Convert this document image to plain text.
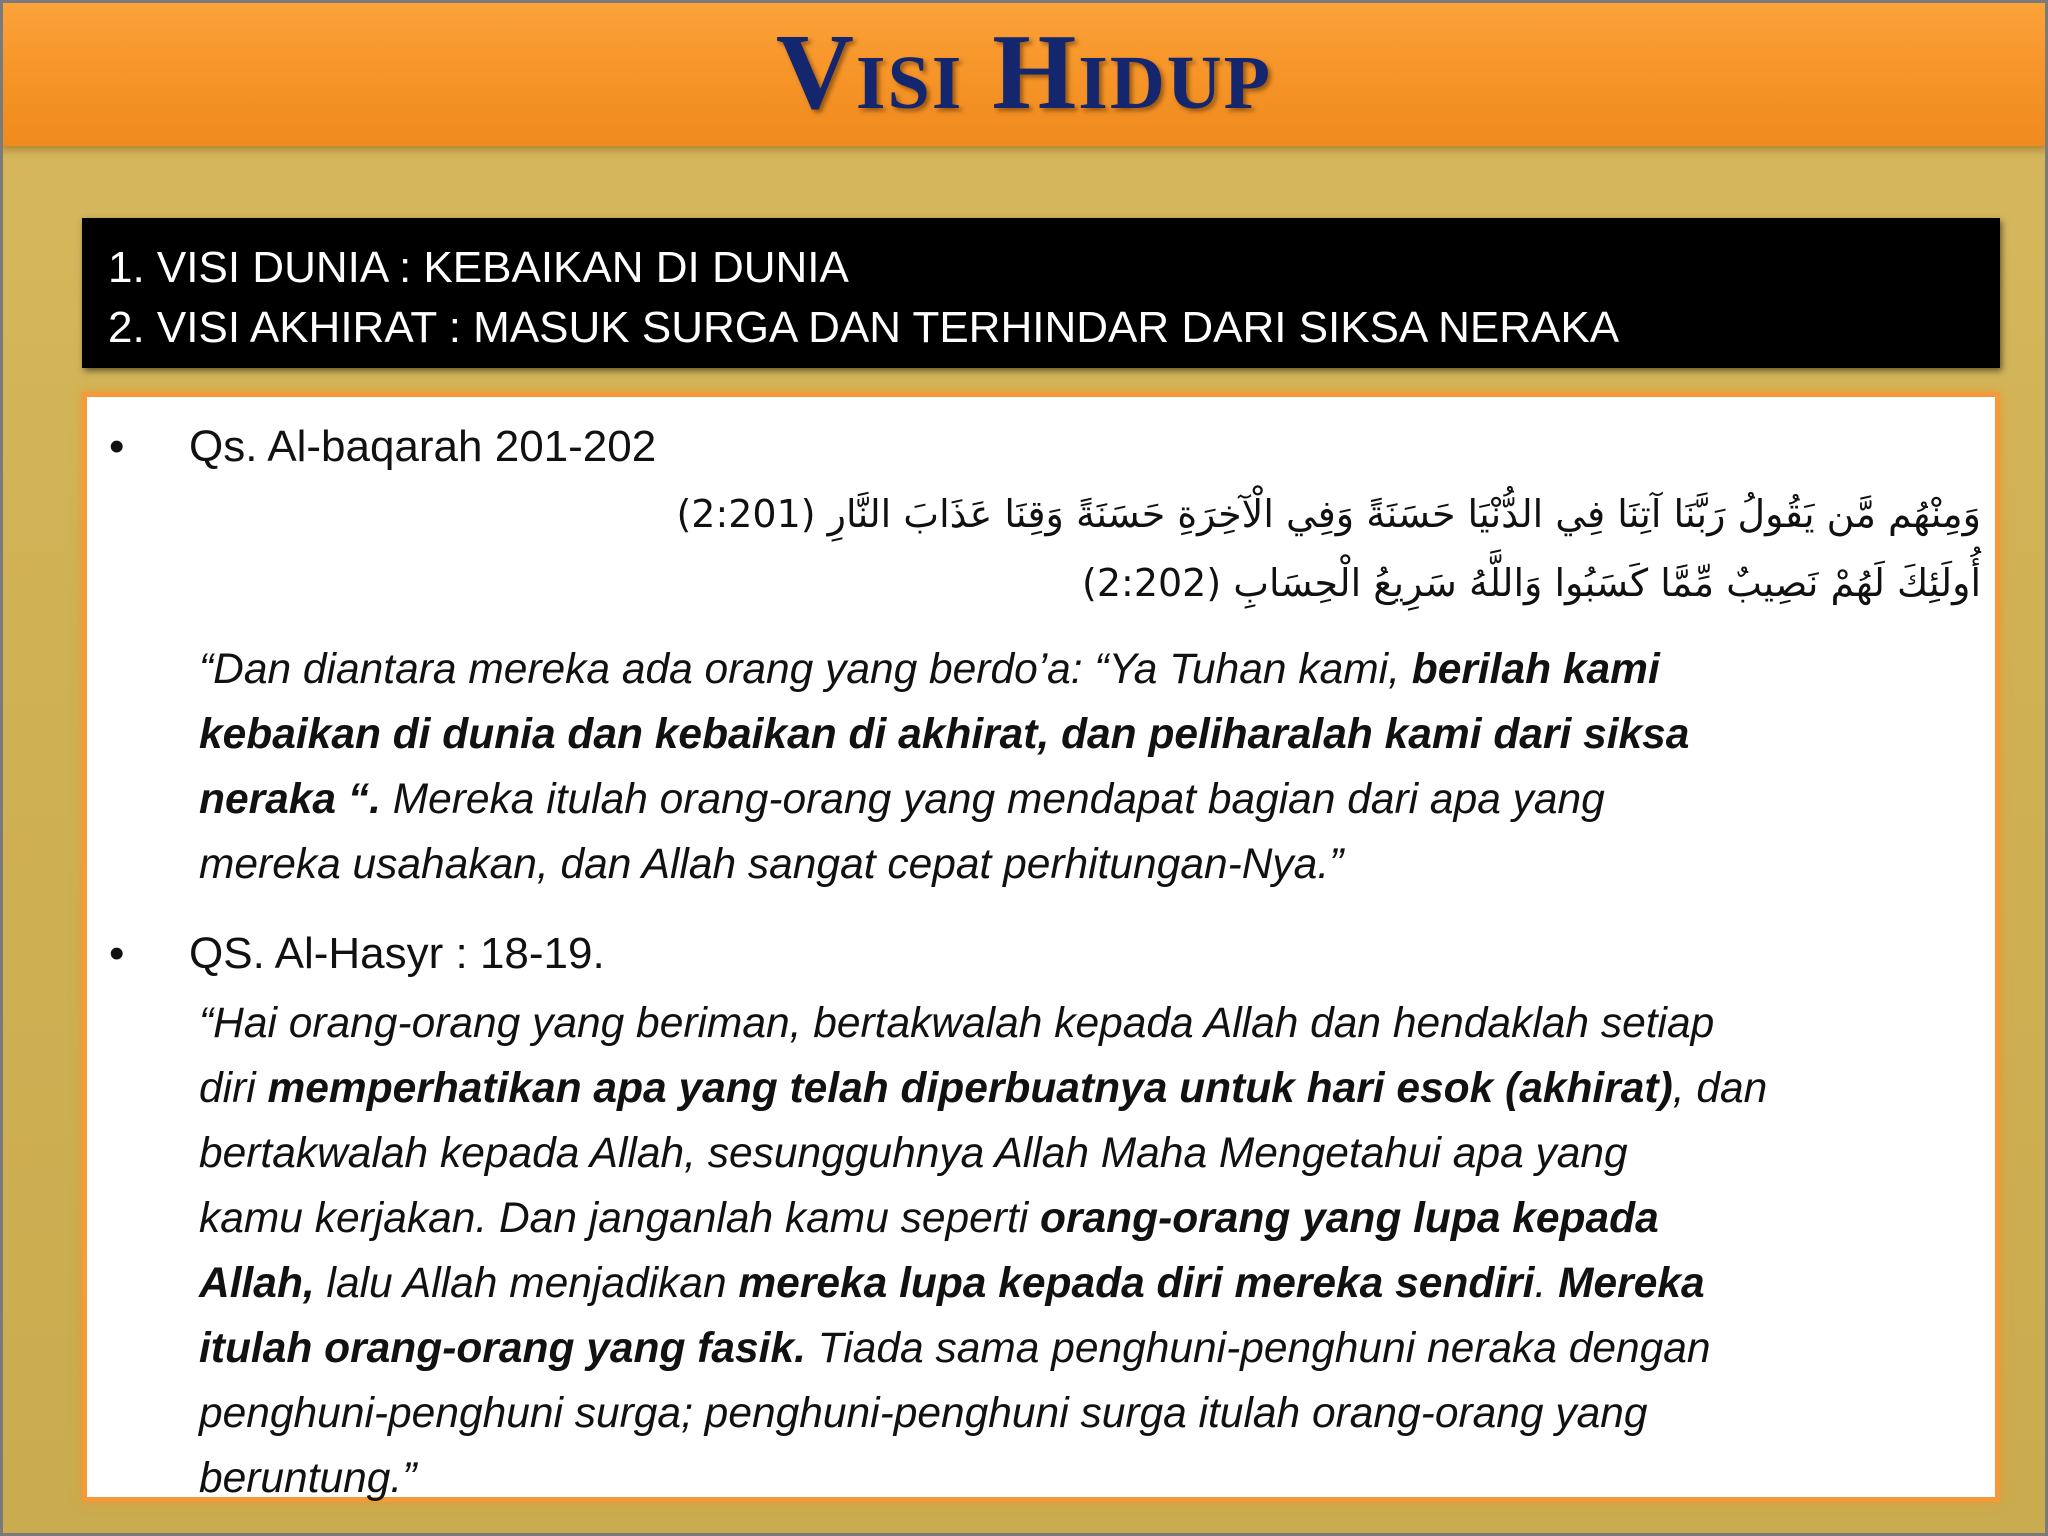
Visi Hidup
1. VISI DUNIA : KEBAIKAN DI DUNIA
2. VISI AKHIRAT : MASUK SURGA DAN TERHINDAR DARI SIKSA NERAKA
• Qs. Al-baqarah 201-202
وَمِنْهُم مَّن يَقُولُ رَبَّنَا آتِنَا فِي الدُّنْيَا حَسَنَةً وَفِي الْآخِرَةِ حَسَنَةً وَقِنَا عَذَابَ النَّارِ (2:201)
أُولَئِكَ لَهُمْ نَصِيبٌ مِّمَّا كَسَبُوا وَاللَّهُ سَرِيعُ الْحِسَابِ (2:202)
“Dan diantara mereka ada orang yang berdo’a: “Ya Tuhan kami, berilah kami
kebaikan di dunia dan kebaikan di akhirat, dan peliharalah kami dari siksa
neraka “. Mereka itulah orang-orang yang mendapat bagian dari apa yang
mereka usahakan, dan Allah sangat cepat perhitungan-Nya.”
• QS. Al-Hasyr : 18-19.
“Hai orang-orang yang beriman, bertakwalah kepada Allah dan hendaklah setiap
diri memperhatikan apa yang telah diperbuatnya untuk hari esok (akhirat), dan
bertakwalah kepada Allah, sesungguhnya Allah Maha Mengetahui apa yang
kamu kerjakan. Dan janganlah kamu seperti orang-orang yang lupa kepada
Allah, lalu Allah menjadikan mereka lupa kepada diri mereka sendiri. Mereka
itulah orang-orang yang fasik. Tiada sama penghuni-penghuni neraka dengan
penghuni-penghuni surga; penghuni-penghuni surga itulah orang-orang yang
beruntung.”
